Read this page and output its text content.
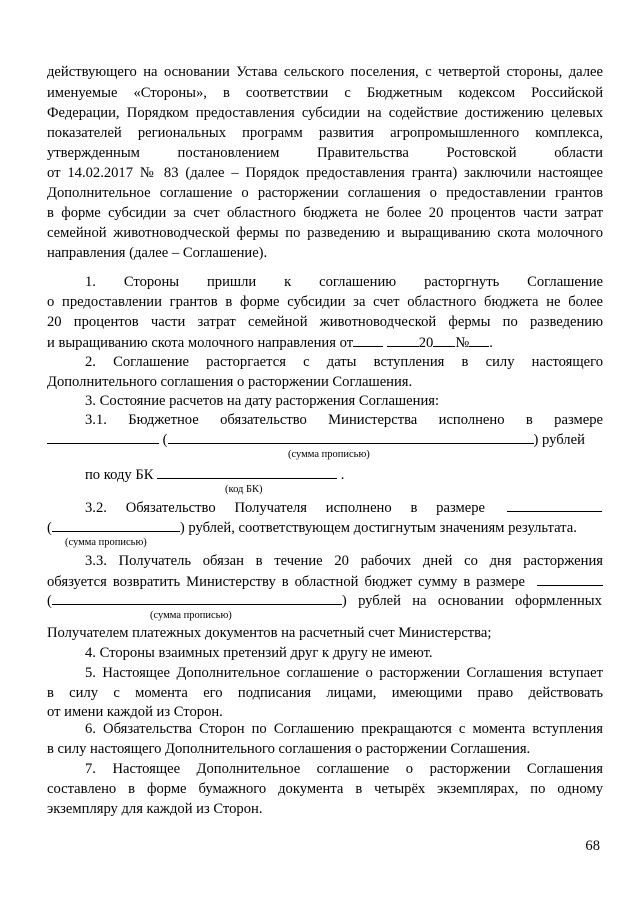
действующего на основании Устава сельского поселения, с четвертой стороны, далее
именуемые «Стороны», в соответствии с Бюджетным кодексом Российской
Федерации, Порядком предоставления субсидии на содействие достижению целевых
показателей региональных программ развития агропромышленного комплекса,
утвержденным постановлением Правительства Ростовской области
от 14.02.2017 № 83 (далее – Порядок предоставления гранта) заключили настоящее
Дополнительное соглашение о расторжении соглашения о предоставлении грантов
в форме субсидии за счет областного бюджета не более 20 процентов части затрат
семейной животноводческой фермы по разведению и выращиванию скота молочного
направления (далее – Соглашение).
1. Стороны пришли к соглашению расторгнуть Соглашение
о предоставлении грантов в форме субсидии за счет областного бюджета не более
20 процентов части затрат семейной животноводческой фермы по разведению
и выращиванию скота молочного направления от	20 № .
2. Соглашение расторгается с даты вступления в силу настоящего
Дополнительного соглашения о расторжении Соглашения.
3. Состояние расчетов на дату расторжения Соглашения:
3.1. Бюджетное обязательство Министерства исполнено в размере
(	) рублей
(сумма прописью)
по коду БК	.
(код БК)
3.2. Обязательство Получателя исполнено в размере
(	) рублей, соответствующем достигнутым значениям результата.
(сумма прописью)
3.3. Получатель обязан в течение 20 рабочих дней со дня расторжения
обязуется возвратить Министерству в областной бюджет сумму в размере
(	) рублей на основании оформленных
(сумма прописью)
Получателем платежных документов на расчетный счет Министерства;
4. Стороны взаимных претензий друг к другу не имеют.
5. Настоящее Дополнительное соглашение о расторжении Соглашения вступает
в силу с момента его подписания лицами, имеющими право действовать
от имени каждой из Сторон.
6. Обязательства Сторон по Соглашению прекращаются с момента вступления
в силу настоящего Дополнительного соглашения о расторжении Соглашения.
7. Настоящее Дополнительное соглашение о расторжении Соглашения
составлено в форме бумажного документа в четырёх экземплярах, по одному
экземпляру для каждой из Сторон.
68
